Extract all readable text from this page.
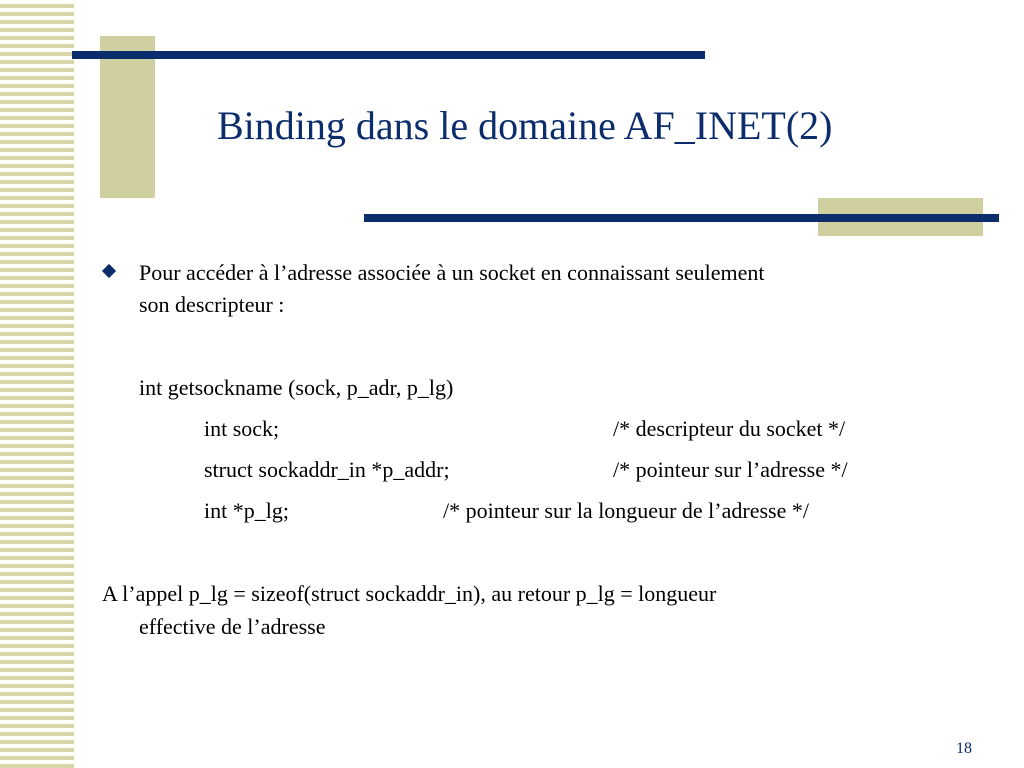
Binding dans le domaine AF_INET(2)
Pour accéder à l’adresse associée à un socket en connaissant seulement
son descripteur :
int getsockname (sock, p_adr, p_lg)
int sock;	/* descripteur du socket */
struct sockaddr_in *p_addr;	/* pointeur sur l’adresse */
int *p_lg;	/* pointeur sur la longueur de l’adresse */
A l’appel p_lg = sizeof(struct sockaddr_in), au retour p_lg = longueur
effective de l’adresse
18
